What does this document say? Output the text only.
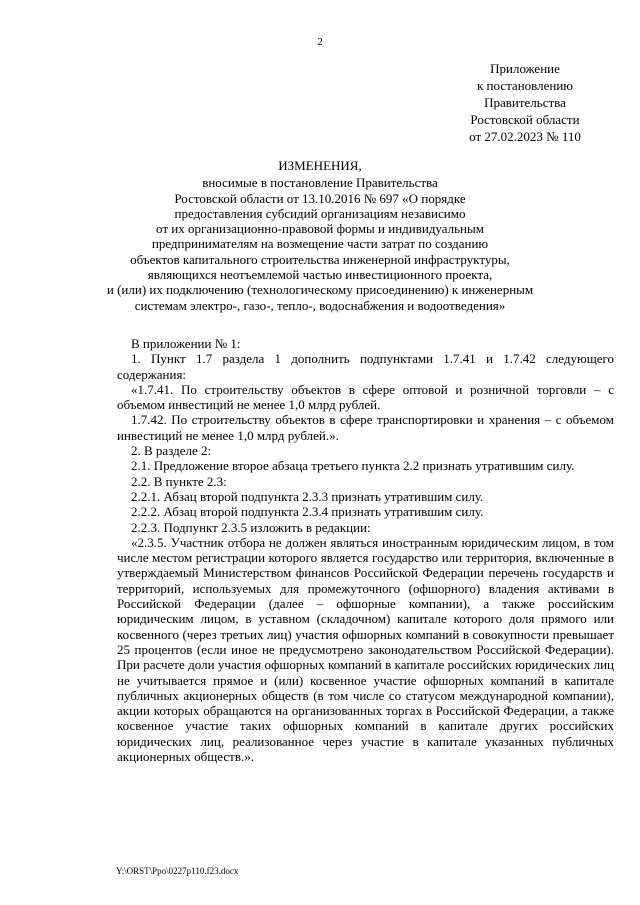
2
Приложение
к постановлению
Правительства
Ростовской области
от 27.02.2023 № 110
ИЗМЕНЕНИЯ,
вносимые в постановление Правительства
Ростовской области от 13.10.2016 № 697 «О порядке
предоставления субсидий организациям независимо
от их организационно-правовой формы и индивидуальным
предпринимателям на возмещение части затрат по созданию
объектов капитального строительства инженерной инфраструктуры,
являющихся неотъемлемой частью инвестиционного проекта,
и (или) их подключению (технологическому присоединению) к инженерным
системам электро-, газо-, тепло-, водоснабжения и водоотведения»

В приложении № 1:

1. Пункт 1.7 раздела 1 дополнить подпунктами 1.7.41 и 1.7.42 следующего содержания:

«1.7.41. По строительству объектов в сфере оптовой и розничной торговли – с объемом инвестиций не менее 1,0 млрд рублей.

1.7.42. По строительству объектов в сфере транспортировки и хранения – с объемом инвестиций не менее 1,0 млрд рублей.».

2. В разделе 2:

2.1. Предложение второе абзаца третьего пункта 2.2 признать утратившим силу.

2.2. В пункте 2.3:

2.2.1. Абзац второй подпункта 2.3.3 признать утратившим силу.

2.2.2. Абзац второй подпункта 2.3.4 признать утратившим силу.

2.2.3. Подпункт 2.3.5 изложить в редакции:

«2.3.5. Участник отбора не должен являться иностранным юридическим лицом, в том числе местом регистрации которого является государство или территория, включенные в утверждаемый Министерством финансов Российской Федерации перечень государств и территорий, используемых для промежуточного (офшорного) владения активами в Российской Федерации (далее – офшорные компании), а также российским юридическим лицом, в уставном (складочном) капитале которого доля прямого или косвенного (через третьих лиц) участия офшорных компаний в совокупности превышает 25 процентов (если иное не предусмотрено законодательством Российской Федерации). При расчете доли участия офшорных компаний в капитале российских юридических лиц не учитывается прямое и (или) косвенное участие офшорных компаний в капитале публичных акционерных обществ (в том числе со статусом международной компании), акции которых обращаются на организованных торгах в Российской Федерации, а также косвенное участие таких офшорных компаний в капитале других российских юридических лиц, реализованное через участие в капитале указанных публичных акционерных обществ.».

Y:\ORST\Ppo\0227p110.f23.docx
